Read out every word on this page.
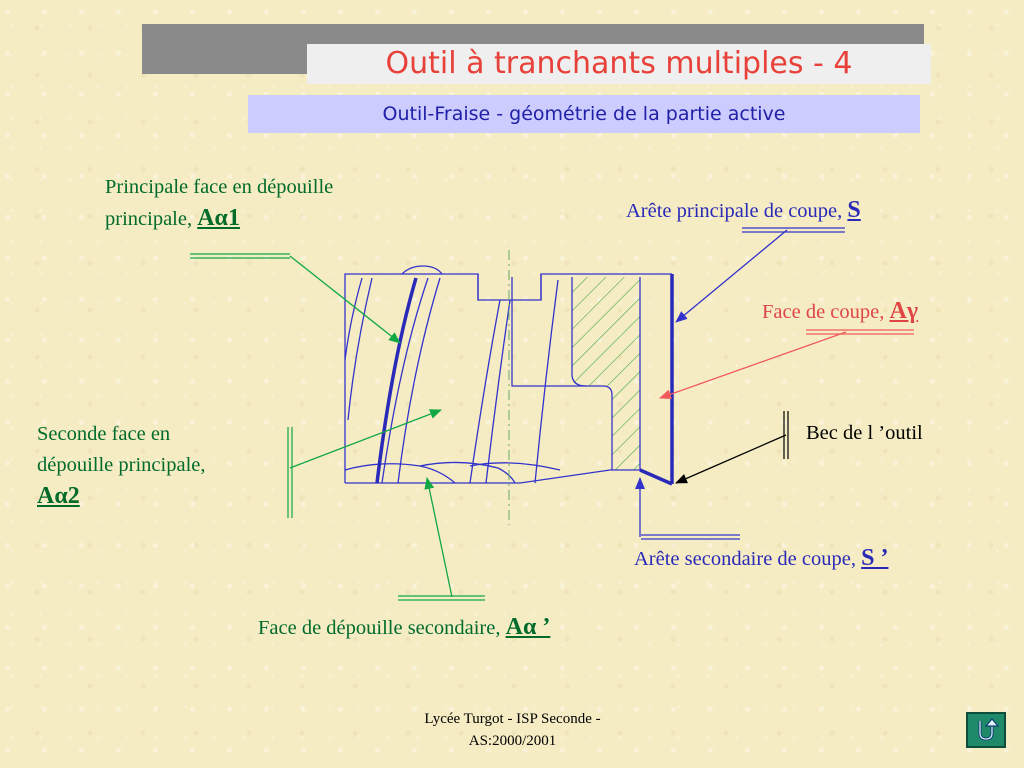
Outil à tranchants multiples - 4
Outil-Fraise - géométrie de la partie active
Principale face en dépouille
principale, Aα1
Seconde face en
dépouille principale,
Aα2
Arête principale de coupe, S
Face de coupe, Aγ
Bec de l ’outil
Arête secondaire de coupe, S ’
Face de dépouille secondaire, Aα ’
Lycée Turgot - ISP Seconde -
AS:2000/2001
